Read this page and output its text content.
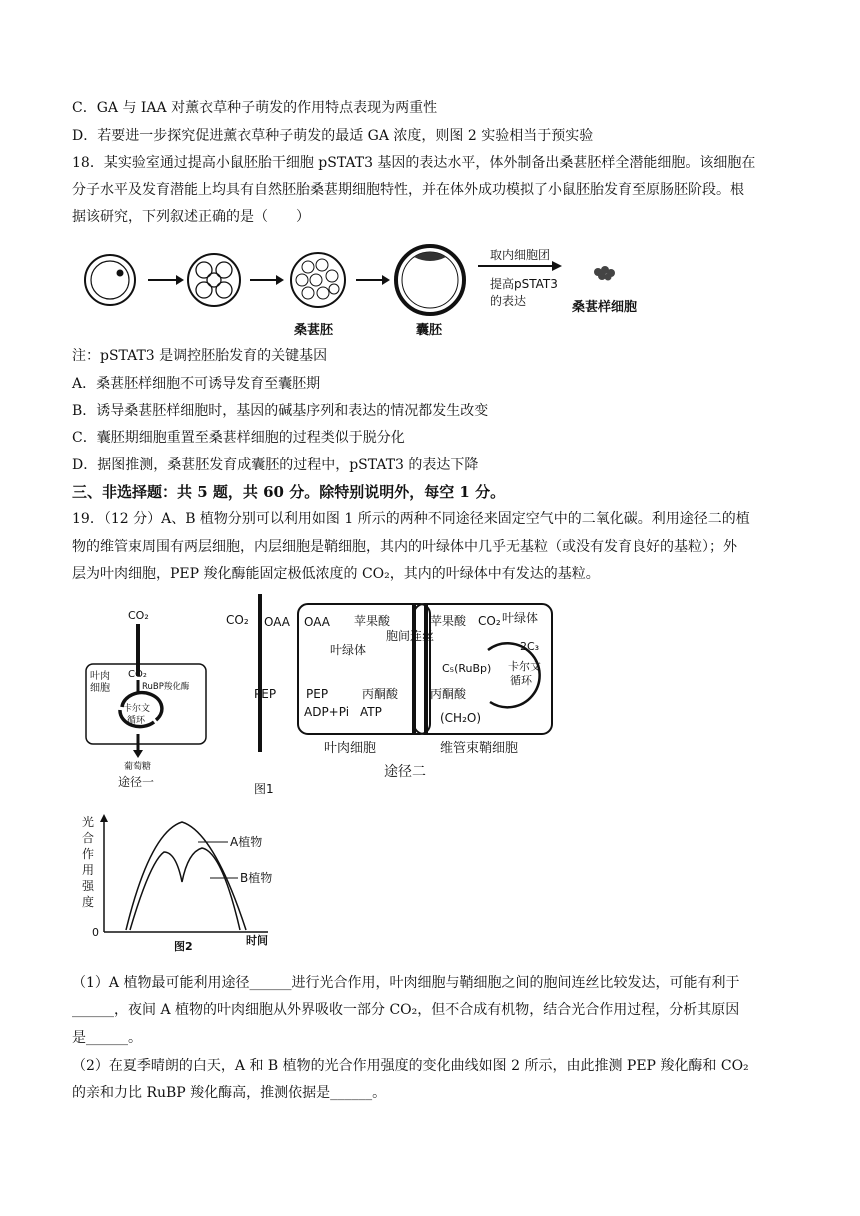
C．GA 与 IAA 对薰衣草种子萌发的作用特点表现为两重性
D．若要进一步探究促进薰衣草种子萌发的最适 GA 浓度，则图 2 实验相当于预实验
18．某实验室通过提高小鼠胚胎干细胞 pSTAT3 基因的表达水平，体外制备出桑葚胚样全潜能细胞。该细胞在
分子水平及发育潜能上均具有自然胚胎桑葚期细胞特性，并在体外成功模拟了小鼠胚胎发育至原肠胚阶段。根
据该研究，下列叙述正确的是（　　）
桑葚胚	囊胚
取内细胞团
提高pSTAT3
的表达	桑葚样细胞
注：pSTAT3 是调控胚胎发育的关键基因
A．桑葚胚样细胞不可诱导发育至囊胚期
B．诱导桑葚胚样细胞时，基因的碱基序列和表达的情况都发生改变
C．囊胚期细胞重置至桑葚样细胞的过程类似于脱分化
D．据图推测，桑葚胚发育成囊胚的过程中，pSTAT3 的表达下降
三、非选择题：共 5 题，共 60 分。除特别说明外，每空 1 分。
19．（12 分）A、B 植物分别可以利用如图 1 所示的两种不同途径来固定空气中的二氧化碳。利用途径二的植
物的维管束周围有两层细胞，内层细胞是鞘细胞，其内的叶绿体中几乎无基粒（或没有发育良好的基粒）；外
层为叶肉细胞，PEP 羧化酶能固定极低浓度的 CO₂，其内的叶绿体中有发达的基粒。
CO₂
叶肉
细胞
CO₂
RuBP羧化酶
卡尔文
循环
葡萄糖
途径一	图1
CO₂ OAA OAA 苹果酸
胞间连丝
叶绿体
苹果酸 CO₂ 叶绿体
2C₃
C₅(RuBp) 卡尔文
循环
PEP PEP	丙酮酸	丙酮酸
ADP+Pi ATP	(CH₂O)
叶肉细胞	维管束鞘细胞
途径二
光
合
作
用
强
度
0
A植物
B植物
图2	时间
（1）A 植物最可能利用途径______进行光合作用，叶肉细胞与鞘细胞之间的胞间连丝比较发达，可能有利于
______，夜间 A 植物的叶肉细胞从外界吸收一部分 CO₂，但不合成有机物，结合光合作用过程，分析其原因
是______。
（2）在夏季晴朗的白天，A 和 B 植物的光合作用强度的变化曲线如图 2 所示，由此推测 PEP 羧化酶和 CO₂
的亲和力比 RuBP 羧化酶高，推测依据是______。
